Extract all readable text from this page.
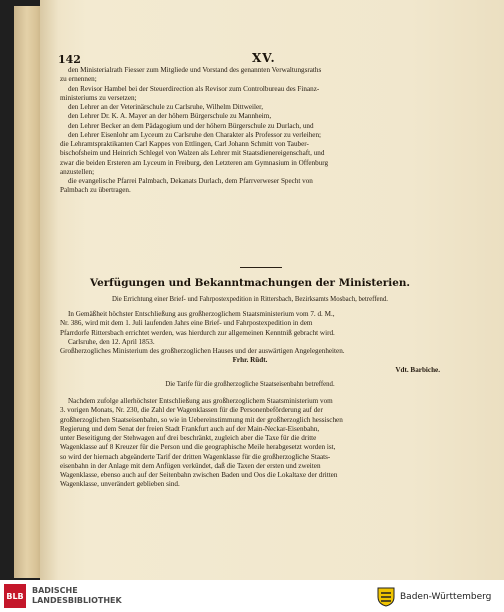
142	XV.
den Ministerialrath Fiesser zum Mitgliede und Vorstand des genannten Verwaltungsraths
zu ernennen;
den Revisor Hambel bei der Steuerdirection als Revisor zum Controlbureau des Finanz-
ministeriums zu versetzen;
den Lehrer an der Veterinärschule zu Carlsruhe, Wilhelm Dittweiler,
den Lehrer Dr. K. A. Mayer an der höhern Bürgerschule zu Mannheim,
den Lehrer Becker an dem Pädagogium und der höhern Bürgerschule zu Durlach, und
den Lehrer Eisenlohr am Lyceum zu Carlsruhe den Charakter als Professor zu verleihen;
die Lehramtspraktikanten Carl Kappes von Ettlingen, Carl Johann Schmitt von Tauber-
bischofsheim und Heinrich Schlegel von Walzen als Lehrer mit Staatsdienereigenschaft, und
zwar die beiden Ersteren am Lyceum in Freiburg, den Letzteren am Gymnasium in Offenburg
anzustellen;
die evangelische Pfarrei Palmbach, Dekanats Durlach, dem Pfarrverweser Specht von
Palmbach zu übertragen.
Verfügungen und Bekanntmachungen der Ministerien.
Die Errichtung einer Brief- und Fahrpostexpedition in Rittersbach, Bezirksamts Mosbach, betreffend.
In Gemäßheit höchster Entschließung aus großherzoglichem Staatsministerium vom 7. d. M.,
Nr. 386, wird mit dem 1. Juli laufenden Jahrs eine Brief- und Fahrpostexpedition in dem
Pfarrdorfe Rittersbach errichtet werden, was hierdurch zur allgemeinen Kenntniß gebracht wird.
Carlsruhe, den 12. April 1853.
Großherzogliches Ministerium des großherzoglichen Hauses und der auswärtigen Angelegenheiten.
Frhr. Rüdt.
Vdt. Barbiche.
Die Tarife für die großherzogliche Staatseisenbahn betreffend.
Nachdem zufolge allerhöchster Entschließung aus großherzoglichem Staatsministerium vom
3. vorigen Monats, Nr. 230, die Zahl der Wagenklassen für die Personenbeförderung auf der
großherzoglichen Staatseisenbahn, so wie in Uebereinstimmung mit der großherzoglich hessischen
Regierung und dem Senat der freien Stadt Frankfurt auch auf der Main-Neckar-Eisenbahn,
unter Beseitigung der Stehwagen auf drei beschränkt, zugleich aber die Taxe für die dritte
Wagenklasse auf 8 Kreuzer für die Person und die geographische Meile herabgesetzt worden ist,
so wird der hiernach abgeänderte Tarif der dritten Wagenklasse für die großherzogliche Staats-
eisenbahn in der Anlage mit dem Anfügen verkündet, daß die Taxen der ersten und zweiten
Wagenklasse, ebenso auch auf der Seitenbahn zwischen Baden und Oos die Lokaltaxe der dritten
Wagenklasse, unverändert geblieben sind.
BLB
BADISCHE
LANDESBIBLIOTHEK	Baden-Württemberg
